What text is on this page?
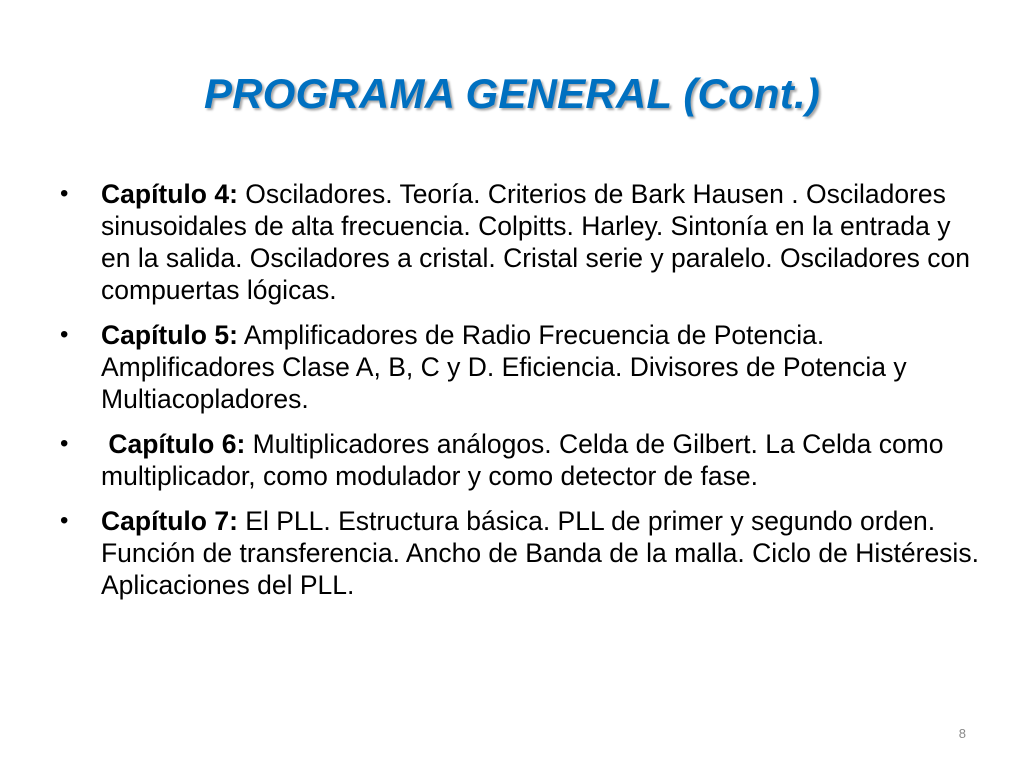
PROGRAMA GENERAL (Cont.)
• Capítulo 4: Osciladores. Teoría. Criterios de Bark Hausen . Osciladores sinusoidales de alta frecuencia. Colpitts. Harley. Sintonía en la entrada y en la salida. Osciladores a cristal. Cristal serie y paralelo. Osciladores con compuertas lógicas.
• Capítulo 5: Amplificadores de Radio Frecuencia de Potencia. Amplificadores Clase A, B, C y D. Eficiencia. Divisores de Potencia y Multiacopladores.
• Capítulo 6: Multiplicadores análogos. Celda de Gilbert. La Celda como multiplicador, como modulador y como detector de fase.
• Capítulo 7: El PLL. Estructura básica. PLL de primer y segundo orden. Función de transferencia. Ancho de Banda de la malla. Ciclo de Histéresis. Aplicaciones del PLL.
8
